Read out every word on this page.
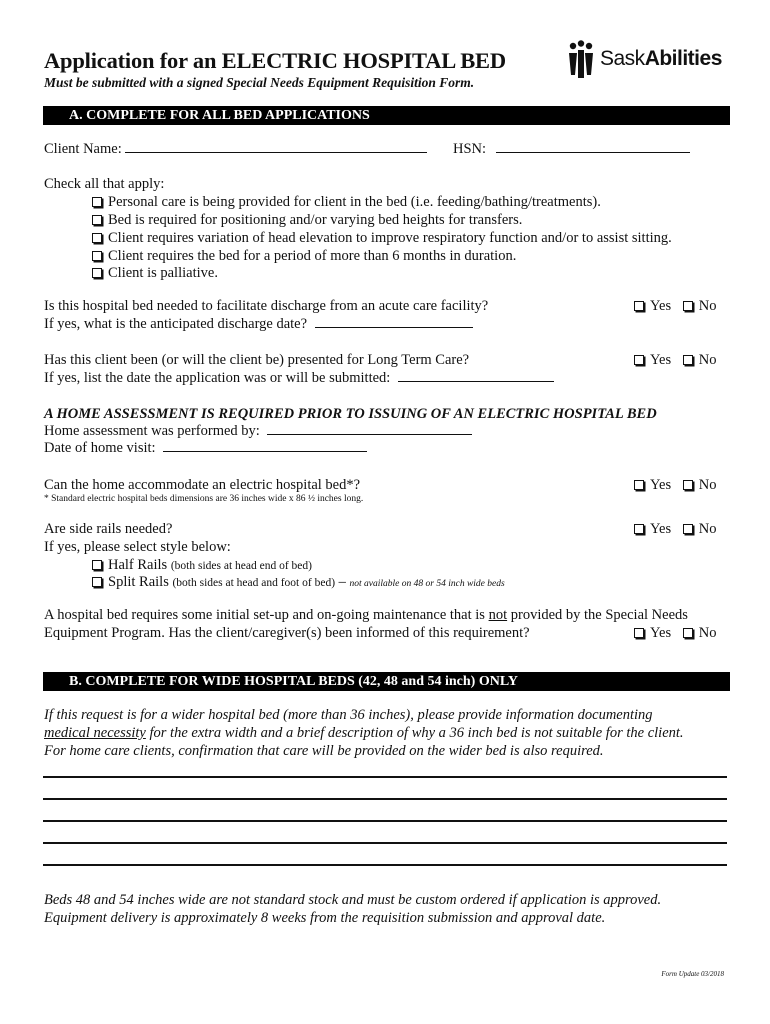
Application for an ELECTRIC HOSPITAL BED
Must be submitted with a signed Special Needs Equipment Requisition Form.
SaskAbilities
A. COMPLETE FOR ALL BED APPLICATIONS
Client Name:	HSN:
Check all that apply:
Personal care is being provided for client in the bed (i.e. feeding/bathing/treatments).
Bed is required for positioning and/or varying bed heights for transfers.
Client requires variation of head elevation to improve respiratory function and/or to assist sitting.
Client requires the bed for a period of more than 6 months in duration.
Client is palliative.
Is this hospital bed needed to facilitate discharge from an acute care facility?	Yes No
If yes, what is the anticipated discharge date?
Has this client been (or will the client be) presented for Long Term Care?	Yes No
If yes, list the date the application was or will be submitted:
A HOME ASSESSMENT IS REQUIRED PRIOR TO ISSUING OF AN ELECTRIC HOSPITAL BED
Home assessment was performed by:
Date of home visit:
Can the home accommodate an electric hospital bed*?	Yes No
* Standard electric hospital beds dimensions are 36 inches wide x 86 ½ inches long.
Are side rails needed?	Yes No
If yes, please select style below:
Half Rails (both sides at head end of bed)
Split Rails (both sides at head and foot of bed) – not available on 48 or 54 inch wide beds
A hospital bed requires some initial set-up and on-going maintenance that is not provided by the Special Needs
Equipment Program. Has the client/caregiver(s) been informed of this requirement?	Yes No
B. COMPLETE FOR WIDE HOSPITAL BEDS (42, 48 and 54 inch) ONLY
If this request is for a wider hospital bed (more than 36 inches), please provide information documenting
medical necessity for the extra width and a brief description of why a 36 inch bed is not suitable for the client.
For home care clients, confirmation that care will be provided on the wider bed is also required.
Beds 48 and 54 inches wide are not standard stock and must be custom ordered if application is approved.
Equipment delivery is approximately 8 weeks from the requisition submission and approval date.
Form Update 03/2018
